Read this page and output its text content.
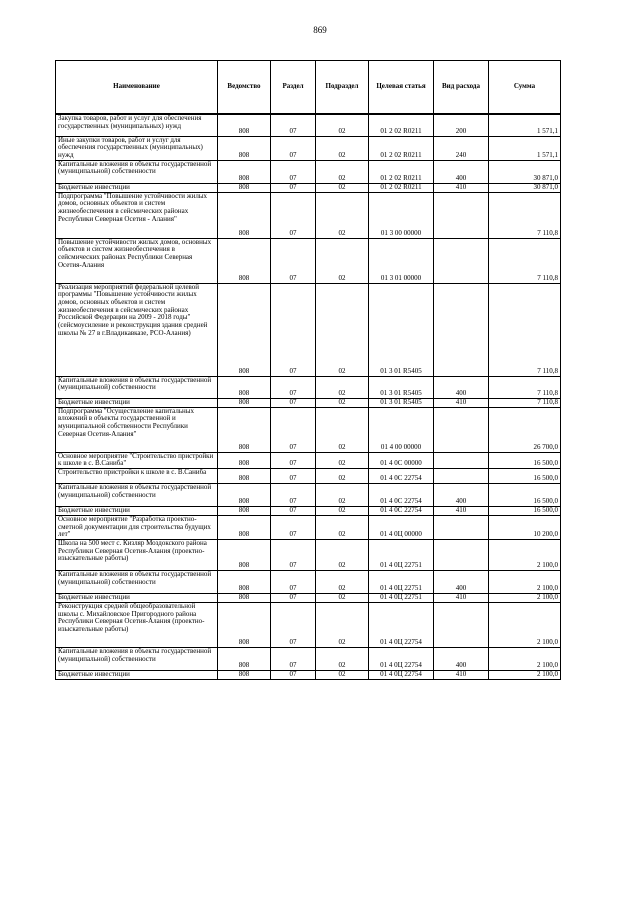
869
Наименование	Ведомство	Раздел	Подраздел	Целевая статья	Вид расхода	Сумма
Закупка товаров, работ и услуг для обеспечения государственных (муниципальных) нужд	808	07	02	01 2 02 R0211	200	1 571,1
Иные закупки товаров, работ и услуг для обеспечения государственных (муниципальных) нужд	808	07	02	01 2 02 R0211	240	1 571,1
Капитальные вложения в объекты государственной (муниципальной) собственности	808	07	02	01 2 02 R0211	400	30 871,0
Бюджетные инвестиции	808	07	02	01 2 02 R0211	410	30 871,0
Подпрограмма "Повышение устойчивости жилых домов, основных объектов и систем жизнеобеспечения в сейсмических районах Республики Северная Осетия - Алания"	808	07	02	01 3 00 00000		7 110,8
Повышение устойчивости жилых домов, основных объектов и систем жизнеобеспечения в сейсмических районах Республики Северная Осетия-Алания	808	07	02	01 3 01 00000		7 110,8
Реализация мероприятий федеральной целевой программы "Повышение устойчивости жилых домов, основных объектов и систем жизнеобеспечения в сейсмических районах Российской Федерации на 2009 - 2018 годы" (сейсмоусиление и реконструкция здания средней школы № 27 в г.Владикавказе, РСО-Алания)	808	07	02	01 3 01 R5405		7 110,8
Капитальные вложения в объекты государственной (муниципальной) собственности	808	07	02	01 3 01 R5405	400	7 110,8
Бюджетные инвестиции	808	07	02	01 3 01 R5405	410	7 110,8
Подпрограмма "Осуществление капитальных вложений в объекты государственной и муниципальной собственности Республики Северная Осетия-Алания"	808	07	02	01 4 00 00000		26 700,0
Основное мероприятие "Строительство пристройки к школе в с. В.Саниба"	808	07	02	01 4 0С 00000		16 500,0
Строительство пристройки к школе в с. В.Саниба	808	07	02	01 4 0С 22754		16 500,0
Капитальные вложения в объекты государственной (муниципальной) собственности	808	07	02	01 4 0С 22754	400	16 500,0
Бюджетные инвестиции	808	07	02	01 4 0С 22754	410	16 500,0
Основное мероприятие "Разработка проектно-сметной документации для строительства будущих лет"	808	07	02	01 4 0Ц 00000		10 200,0
Школа на 500 мест с. Кизляр Моздокского района Республики Северная Осетия-Алания (проектно-изыскательные работы)	808	07	02	01 4 0Ц 22751		2 100,0
Капитальные вложения в объекты государственной (муниципальной) собственности	808	07	02	01 4 0Ц 22751	400	2 100,0
Бюджетные инвестиции	808	07	02	01 4 0Ц 22751	410	2 100,0
Реконструкция средней общеобразовательной школы с. Михайловское Пригородного района Республики Северная Осетия-Алания (проектно-изыскательные работы)	808	07	02	01 4 0Ц 22754		2 100,0
Капитальные вложения в объекты государственной (муниципальной) собственности	808	07	02	01 4 0Ц 22754	400	2 100,0
Бюджетные инвестиции	808	07	02	01 4 0Ц 22754	410	2 100,0
